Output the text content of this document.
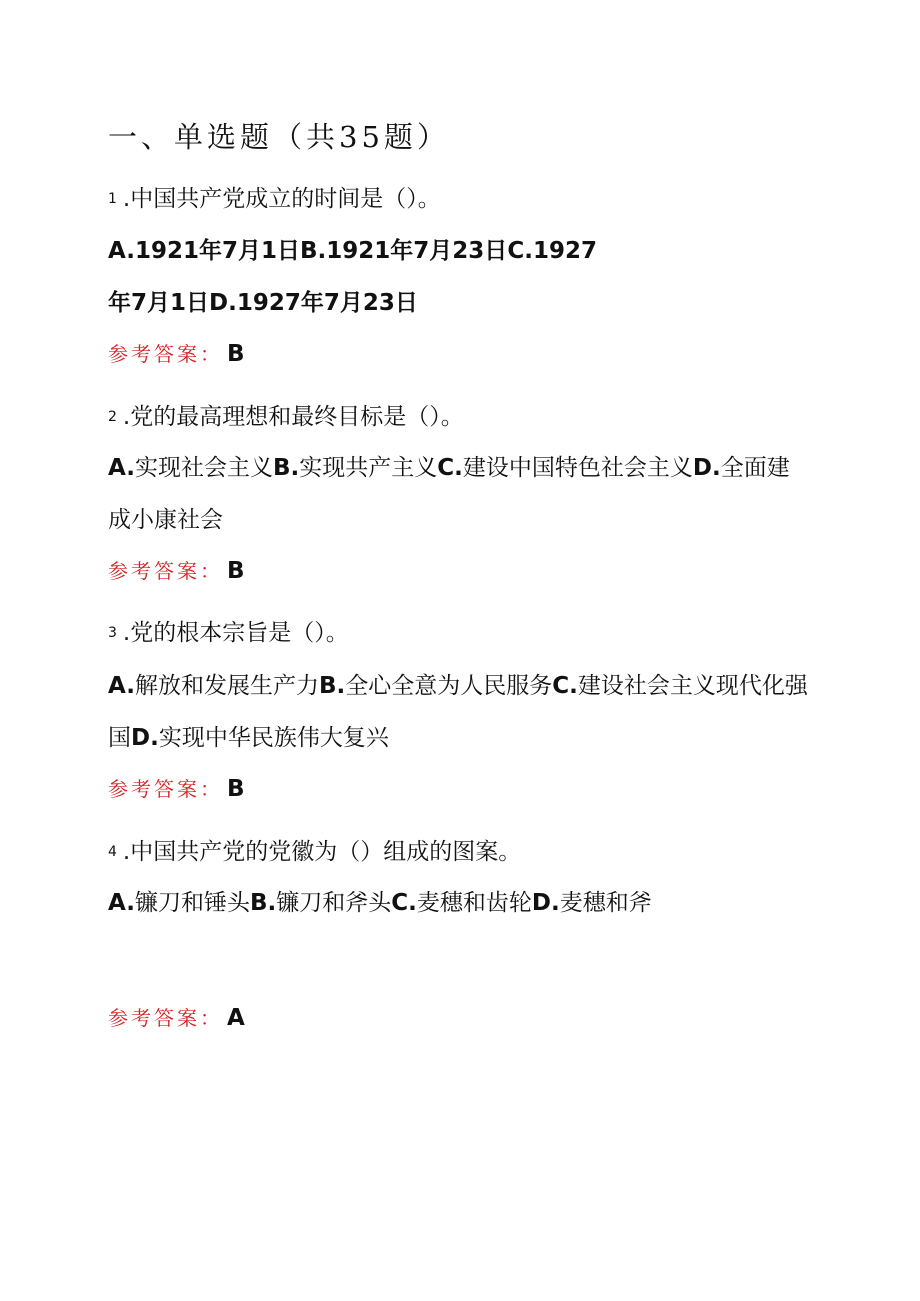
一、单选题（共35题）
1 .中国共产党成立的时间是（）。
A.1921年7月1日B.1921年7月23日C.1927年7月1日D.1927年7月23日
参考答案： B
2 .党的最高理想和最终目标是（）。
A.实现社会主义B.实现共产主义C.建设中国特色社会主义D.全面建成小康社会
参考答案： B
3 .党的根本宗旨是（）。
A.解放和发展生产力B.全心全意为人民服务C.建设社会主义现代化强国D.实现中华民族伟大复兴
参考答案： B
4 .中国共产党的党徽为（）组成的图案。
A.镰刀和锤头B.镰刀和斧头C.麦穗和齿轮D.麦穗和斧
参考答案： A
